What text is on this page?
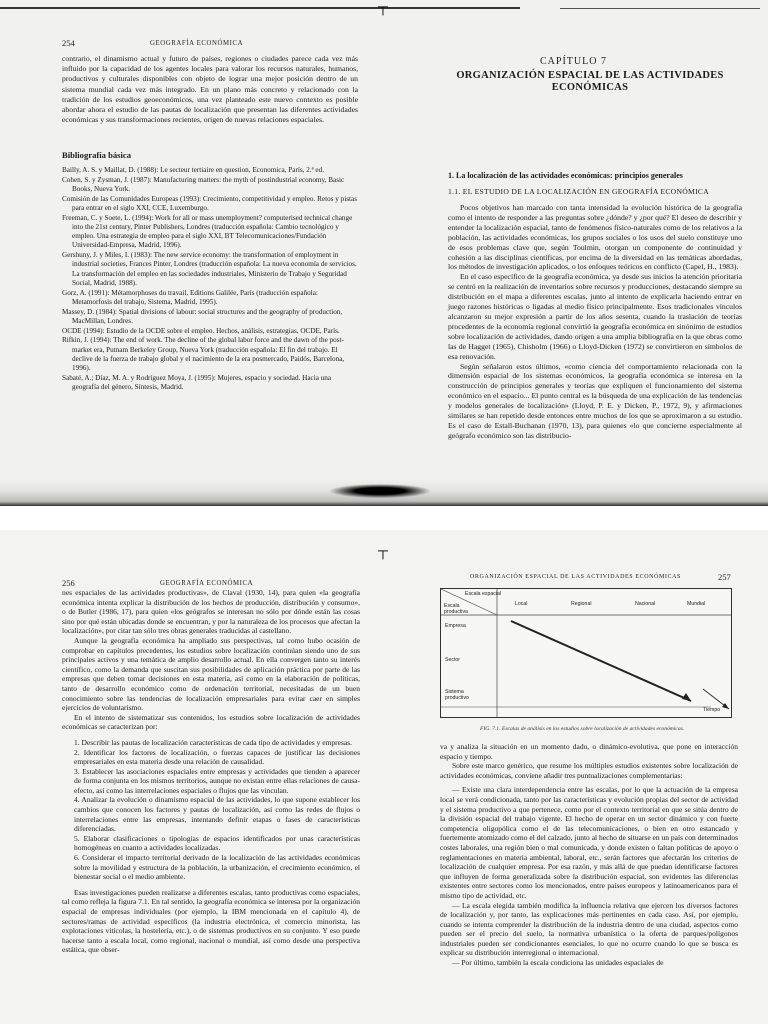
┬
254	GEOGRAFÍA ECONÓMICA

contrario, el dinamismo actual y futuro de países, regiones o ciudades parece cada vez más influido por la capacidad de los agentes locales para valorar los recursos naturales, humanos, productivos y culturales disponibles con objeto de lograr una mejor posición dentro de un sistema mundial cada vez más integrado. En un plano más concreto y relacionado con la tradición de los estudios geoeconómicos, una vez planteado este nuevo contexto es posible abordar ahora el estudio de las pautas de localización que presentan las diferentes actividades económicas y sus transformaciones recientes, origen de nuevas relaciones espaciales.

Bibliografía básica
Bailly, A. S. y Maillat, D. (1988): Le secteur tertiaire en question, Economica, París, 2.ª ed.
Cohen, S. y Zysman, J. (1987): Manufacturing matters: the myth of postindustrial economy, Basic Books, Nueva York.
Comisión de las Comunidades Europeas (1993): Crecimiento, competitividad y empleo. Retos y pistas para entrar en el siglo XXI, CCE, Luxemburgo.
Freeman, C. y Soete, L. (1994): Work for all or mass unemployment? computerised technical change into the 21st century, Pinter Publishers, Londres (traducción española: Cambio tecnológico y empleo. Una estrategia de empleo para el siglo XXI, BT Telecomunicaciones/Fundación Universidad-Empresa, Madrid, 1996).
Gershuny, J. y Miles, I. (1983): The new service economy: the transformation of employment in industrial societies, Frances Pinter, Londres (traducción española: La nueva economía de servicios. La transformación del empleo en las sociedades industriales, Ministerio de Trabajo y Seguridad Social, Madrid, 1988).
Gorz, A. (1991): Métamorphoses du travail, Editions Galilée, París (traducción española: Metamorfosis del trabajo, Sistema, Madrid, 1995).
Massey, D. (1984): Spatial divisions of labour: social structures and the geography of production, MacMillan, Londres.
OCDE (1994): Estudio de la OCDE sobre el empleo. Hechos, análisis, estrategias, OCDE, París.
Rifkin, J. (1994): The end of work. The decline of the global labor force and the dawn of the post-market era, Putnam Berkeley Group, Nueva York (traducción española: El fin del trabajo. El declive de la fuerza de trabajo global y el nacimiento de la era posmercado, Paidós, Barcelona, 1996).
Sabaté, A.; Díaz, M. A. y Rodríguez Moya, J. (1995): Mujeres, espacio y sociedad. Hacia una geografía del género, Síntesis, Madrid.
CAPÍTULO 7
ORGANIZACIÓN ESPACIAL DE LAS ACTIVIDADES ECONÓMICAS
1. La localización de las actividades económicas: principios generales
1.1. EL ESTUDIO DE LA LOCALIZACIÓN EN GEOGRAFÍA ECONÓMICA

Pocos objetivos han marcado con tanta intensidad la evolución histórica de la geografía como el intento de responder a las preguntas sobre ¿dónde? y ¿por qué? El deseo de describir y entender la localización espacial, tanto de fenómenos físico-naturales como de los relativos a la población, las actividades económicas, los grupos sociales o los usos del suelo constituye uno de esos problemas clave que, según Toulmin, otorgan un componente de continuidad y cohesión a las disciplinas científicas, por encima de la diversidad en las temáticas abordadas, los métodos de investigación aplicados, o los enfoques teóricos en conflicto (Capel, H., 1983).

En el caso específico de la geografía económica, ya desde sus inicios la atención prioritaria se centró en la realización de inventarios sobre recursos y producciones, destacando siempre su distribución en el mapa a diferentes escalas, junto al intento de explicarla haciendo entrar en juego razones históricas o ligadas al medio físico principalmente. Esos tradicionales vínculos alcanzaron su mejor expresión a partir de los años sesenta, cuando la traslación de teorías procedentes de la economía regional convirtió la geografía económica en sinónimo de estudios sobre localización de actividades, dando origen a una amplia bibliografía en la que obras como las de Hagget (1965), Chisholm (1966) o Lloyd-Dicken (1972) se convirtieron en símbolos de esa renovación.

Según señalaron estos últimos, «como ciencia del comportamiento relacionada con la dimensión espacial de los sistemas económicos, la geografía económica se interesa en la construcción de principios generales y teorías que expliquen el funcionamiento del sistema económico en el espacio... El punto central es la búsqueda de una explicación de las tendencias y modelos generales de localización» (Lloyd, P. E. y Dicken, P., 1972, 9), y afirmaciones similares se han repetido desde entonces entre muchos de los que se aproximaron a su estudio. Es el caso de Estall-Buchanan (1970, 13), para quienes «lo que concierne especialmente al geógrafo económico son las distribucio-

┬
256	GEOGRAFÍA ECONÓMICA
ORGANIZACIÓN ESPACIAL DE LAS ACTIVIDADES ECONÓMICAS	257

nes espaciales de las actividades productivas», de Claval (1930, 14), para quien «la geografía económica intenta explicar la distribución de los hechos de producción, distribución y consumo», o de Butler (1986, 17), para quien «los geógrafos se interesan no sólo por dónde están las cosas sino por qué están ubicadas donde se encuentran, y por la naturaleza de los procesos que afectan la localización», por citar tan sólo tres obras generales traducidas al castellano.

Aunque la geografía económica ha ampliado sus perspectivas, tal como hubo ocasión de comprobar en capítulos precedentes, los estudios sobre localización continúan siendo uno de sus principales activos y una temática de amplio desarrollo actual. En ella convergen tanto su interés científico, como la demanda que suscitan sus posibilidades de aplicación práctica por parte de las empresas que deben tomar decisiones en esta materia, así como en la elaboración de políticas, tanto de desarrollo económico como de ordenación territorial, necesitadas de un buen conocimiento sobre las tendencias de localización empresariales para evitar caer en simples ejercicios de voluntarismo.

En el intento de sistematizar sus contenidos, los estudios sobre localización de actividades económicas se caracterizan por:

1. Describir las pautas de localización características de cada tipo de actividades y empresas.

2. Identificar los factores de localización, o fuerzas capaces de justificar las decisiones empresariales en esta materia desde una relación de causalidad.

3. Establecer las asociaciones espaciales entre empresas y actividades que tienden a aparecer de forma conjunta en los mismos territorios, aunque no existan entre ellas relaciones de causa-efecto, así como las interrelaciones espaciales o flujos que las vinculan.

4. Analizar la evolución o dinamismo espacial de las actividades, lo que supone establecer los cambios que conocen los factores y pautas de localización, así como las redes de flujos o interrelaciones entre las empresas, intentando definir etapas o fases de características diferenciadas.

5. Elaborar clasificaciones o tipologías de espacios identificados por unas características homogéneas en cuanto a actividades localizadas.

6. Considerar el impacto territorial derivado de la localización de las actividades económicas sobre la movilidad y estructura de la población, la urbanización, el crecimiento económico, el bienestar social o el medio ambiente.

Esas investigaciones pueden realizarse a diferentes escalas, tanto productivas como espaciales, tal como refleja la figura 7.1. En tal sentido, la geografía económica se interesa por la organización espacial de empresas individuales (por ejemplo, la IBM mencionada en el capítulo 4), de sectores/ramas de actividad específicos (la industria electrónica, el comercio minorista, las explotaciones vitícolas, la hostelería, etc.), o de sistemas productivos en su conjunto. Y eso puede hacerse tanto a escala local, como regional, nacional o mundial, así como desde una perspectiva estática, que obser-

Escala espacial
Escala productiva
Local	Regional	Nacional	Mundial
Empresa
Sector
Sistema productivo
Tiempo
FIG. 7.1. Escalas de análisis en los estudios sobre localización de actividades económicas.

va y analiza la situación en un momento dado, o dinámico-evolutiva, que pone en interacción espacio y tiempo.

Sobre este marco genérico, que resume los múltiples estudios existentes sobre localización de actividades económicas, conviene añadir tres puntualizaciones complementarias:

— Existe una clara interdependencia entre las escalas, por lo que la actuación de la empresa local se verá condicionada, tanto por las características y evolución propias del sector de actividad y el sistema productivo a que pertenece, como por el contexto territorial en que se sitúa dentro de la división espacial del trabajo vigente. El hecho de operar en un sector dinámico y con fuerte competencia oligopólica como el de las telecomunicaciones, o bien en otro estancado y fuertemente atomizado como el del calzado, junto al hecho de situarse en un país con determinados costes laborales, una región bien o mal comunicada, y donde existen o faltan políticas de apoyo o reglamentaciones en materia ambiental, laboral, etc., serán factores que afectarán los criterios de localización de cualquier empresa. Por esa razón, y más allá de que puedan identificarse factores que influyen de forma generalizada sobre la distribución espacial, son evidentes las diferencias existentes entre sectores como los mencionados, entre países europeos y latinoamericanos para el mismo tipo de actividad, etc.

— La escala elegida también modifica la influencia relativa que ejercen los diversos factores de localización y, por tanto, las explicaciones más pertinentes en cada caso. Así, por ejemplo, cuando se intenta comprender la distribución de la industria dentro de una ciudad, aspectos como pueden ser el precio del suelo, la normativa urbanística o la oferta de parques/polígonos industriales pueden ser condicionantes esenciales, lo que no ocurre cuando lo que se busca es explicar su distribución interregional o internacional.

— Por último, también la escala condiciona las unidades espaciales de
